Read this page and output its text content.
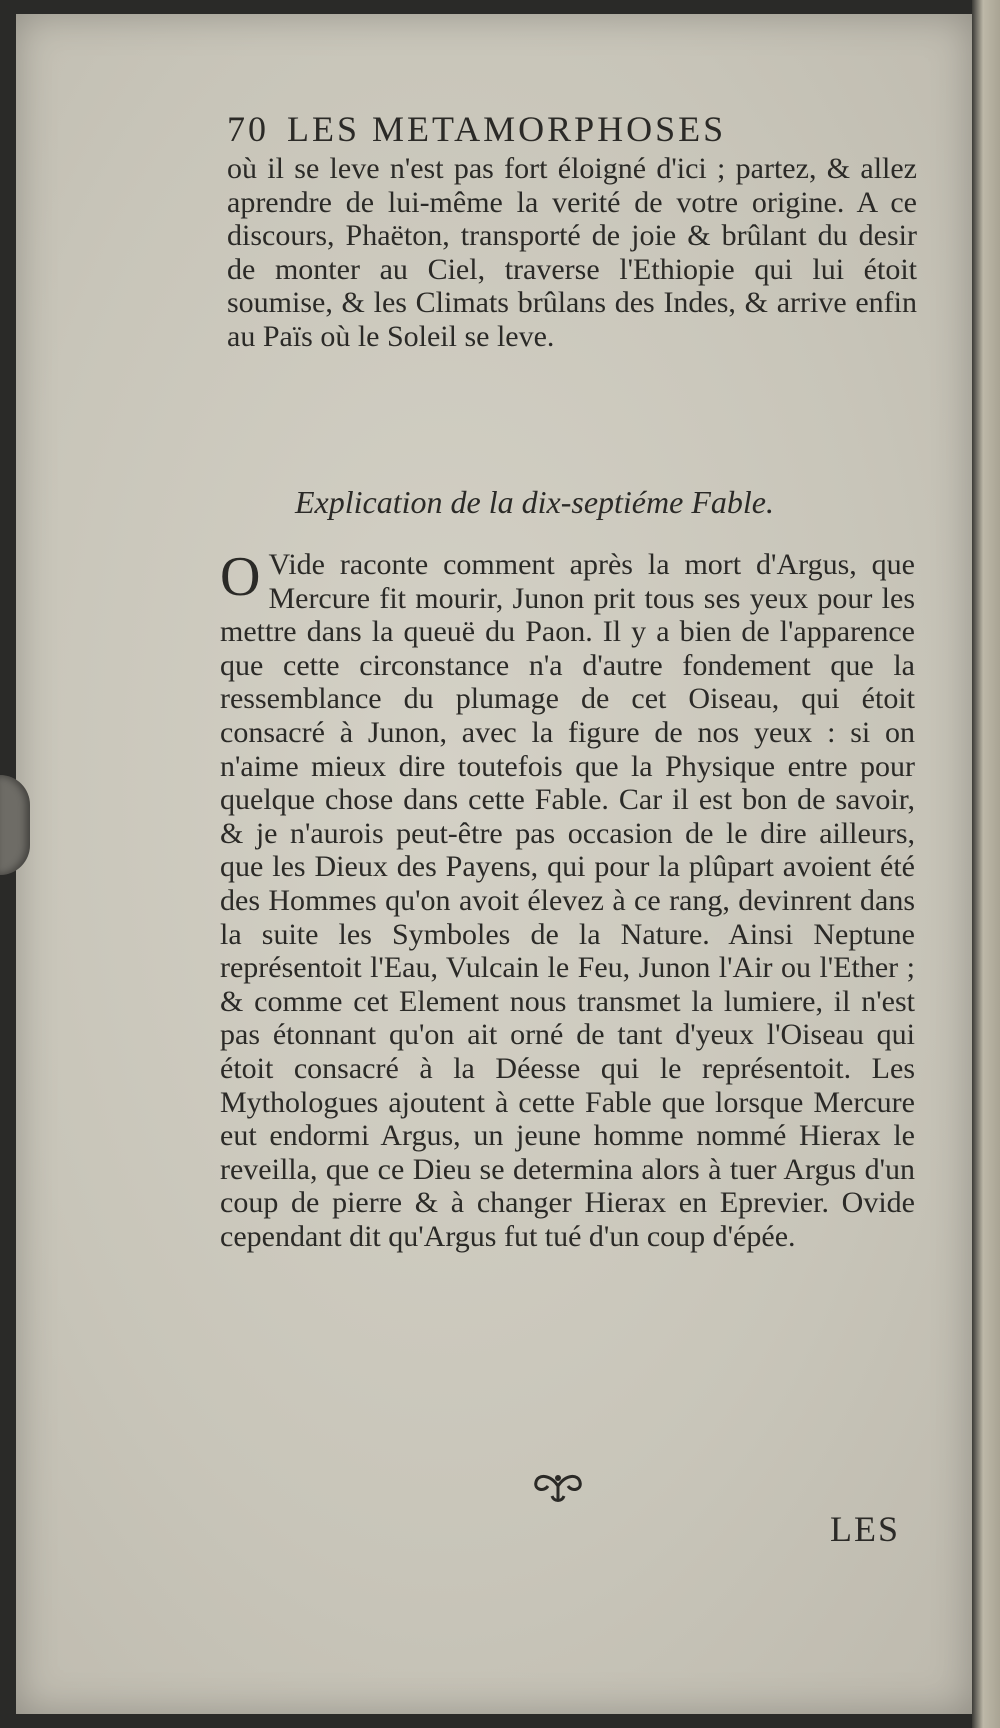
70 LES METAMORPHOSES
où il se leve n'est pas fort éloigné d'ici ; partez, & allez aprendre de lui-même la verité de votre origine. A ce discours, Phaëton, transporté de joie & brûlant du desir de monter au Ciel, traverse l'Ethiopie qui lui étoit soumise, & les Climats brûlans des Indes, & arrive enfin au Païs où le Soleil se leve.
Explication de la dix-septiéme Fable.
O Vide raconte comment après la mort d'Argus, que Mercure fit mourir, Junon prit tous ses yeux pour les mettre dans la queuë du Paon. Il y a bien de l'apparence que cette circonstance n'a d'autre fondement que la ressemblance du plumage de cet Oiseau, qui étoit consacré à Junon, avec la figure de nos yeux : si on n'aime mieux dire toutefois que la Physique entre pour quelque chose dans cette Fable. Car il est bon de savoir, & je n'aurois peut-être pas occasion de le dire ailleurs, que les Dieux des Payens, qui pour la plûpart avoient été des Hommes qu'on avoit élevez à ce rang, devinrent dans la suite les Symboles de la Nature. Ainsi Neptune représentoit l'Eau, Vulcain le Feu, Junon l'Air ou l'Ether ; & comme cet Element nous transmet la lumiere, il n'est pas étonnant qu'on ait orné de tant d'yeux l'Oiseau qui étoit consacré à la Déesse qui le représentoit. Les Mythologues ajoutent à cette Fable que lorsque Mercure eut endormi Argus, un jeune homme nommé Hierax le reveilla, que ce Dieu se determina alors à tuer Argus d'un coup de pierre & à changer Hierax en Eprevier. Ovide cependant dit qu'Argus fut tué d'un coup d'épée.
LES
